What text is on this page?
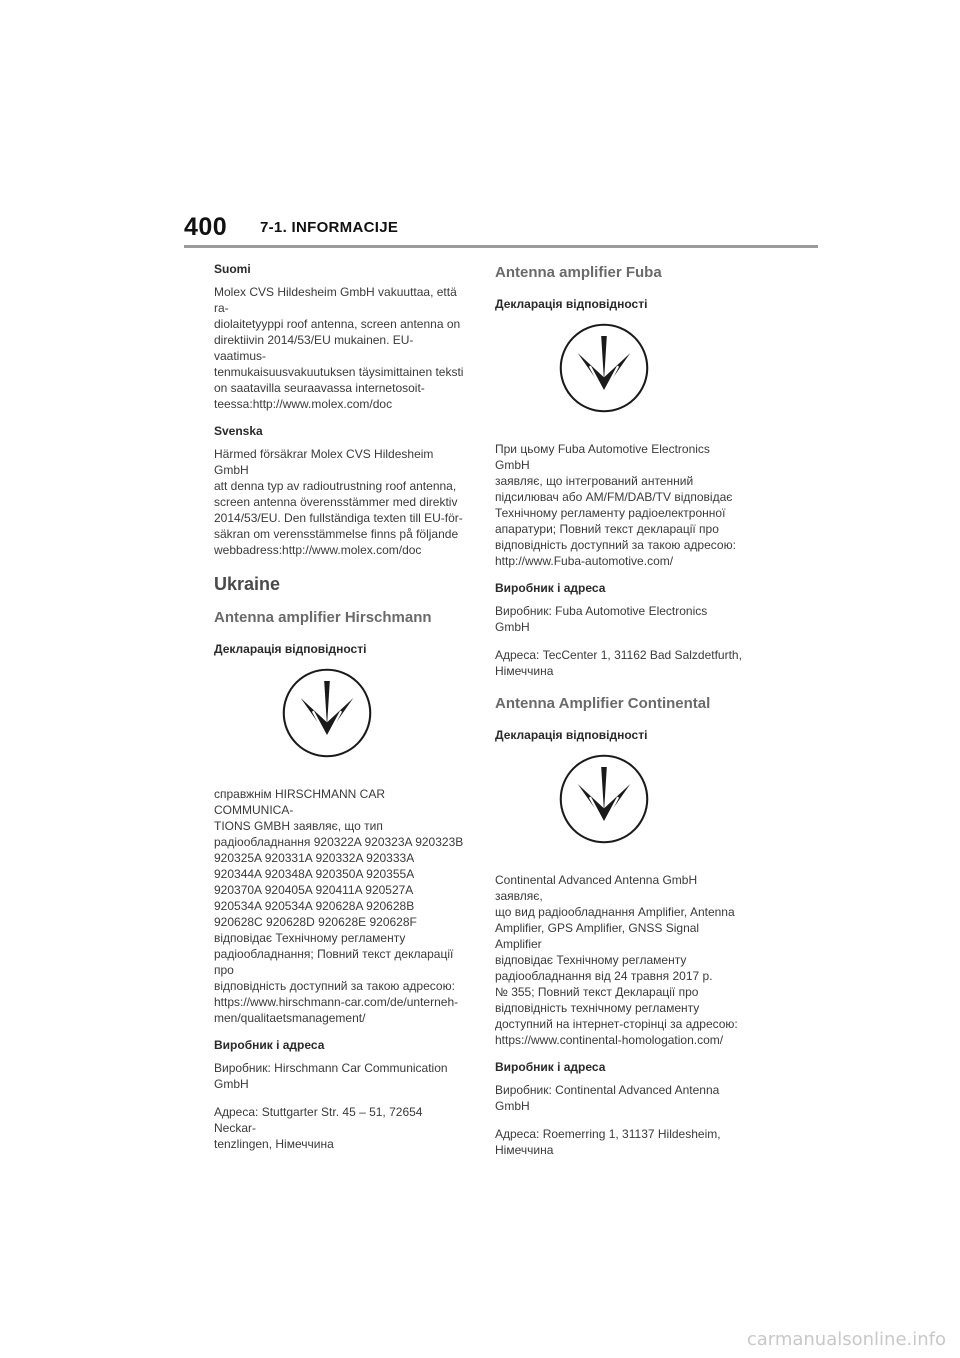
400 7-1. INFORMACIJE
Suomi
Molex CVS Hildesheim GmbH vakuuttaa, että ra-
diolaitetyyppi roof antenna, screen antenna on
direktiivin 2014/53/EU mukainen. EU-vaatimus-
tenmukaisuusvakuutuksen täysimittainen teksti
on saatavilla seuraavassa internetosoit-
teessa:http://www.molex.com/doc
Svenska
Härmed försäkrar Molex CVS Hildesheim GmbH
att denna typ av radioutrustning roof antenna,
screen antenna överensstämmer med direktiv
2014/53/EU. Den fullständiga texten till EU-för-
säkran om verensstämmelse finns på följande
webbadress:http://www.molex.com/doc
Ukraine
Antenna amplifier Hirschmann
Декларація відповідності
справжнім HIRSCHMANN CAR COMMUNICA-
TIONS GMBH заявляє, що тип
радіообладнання 920322A 920323A 920323B
920325A 920331A 920332A 920333A
920344A 920348A 920350A 920355A
920370A 920405A 920411A 920527A
920534A 920534A 920628A 920628B
920628C 920628D 920628E 920628F
відповідає Технічному регламенту
радіообладнання; Повний текст декларації про
відповідність доступний за такою адресою:
https://www.hirschmann-car.com/de/unterneh-
men/qualitaetsmanagement/
Виробник і адреса
Виробник: Hirschmann Car Communication
GmbH
Адреса: Stuttgarter Str. 45 – 51, 72654 Neckar-
tenzlingen, Німеччина
Antenna amplifier Fuba
Декларація відповідності
При цьому Fuba Automotive Electronics GmbH
заявляє, що інтегрований антенний
підсилювач або AM/FM/DAB/TV відповідає
Технічному регламенту радіоелектронної
апаратури; Повний текст декларації про
відповідність доступний за такою адресою:
http://www.Fuba-automotive.com/
Виробник і адреса
Виробник: Fuba Automotive Electronics GmbH
Адреса: TecCenter 1, 31162 Bad Salzdetfurth,
Німеччина
Antenna Amplifier Continental
Декларація відповідності
Continental Advanced Antenna GmbH заявляє,
що вид радіообладнання Amplifier, Antenna
Amplifier, GPS Amplifier, GNSS Signal Amplifier
відповідає Технічному регламенту
радіообладнання від 24 травня 2017 р.
№ 355; Повний текст Декларації про
відповідність технічному регламенту
доступний на інтернет-сторінці за адресою:
https://www.continental-homologation.com/
Виробник і адреса
Виробник: Continental Advanced Antenna
GmbH
Адреса: Roemerring 1, 31137 Hildesheim,
Німеччина
carmanualsonline.info
